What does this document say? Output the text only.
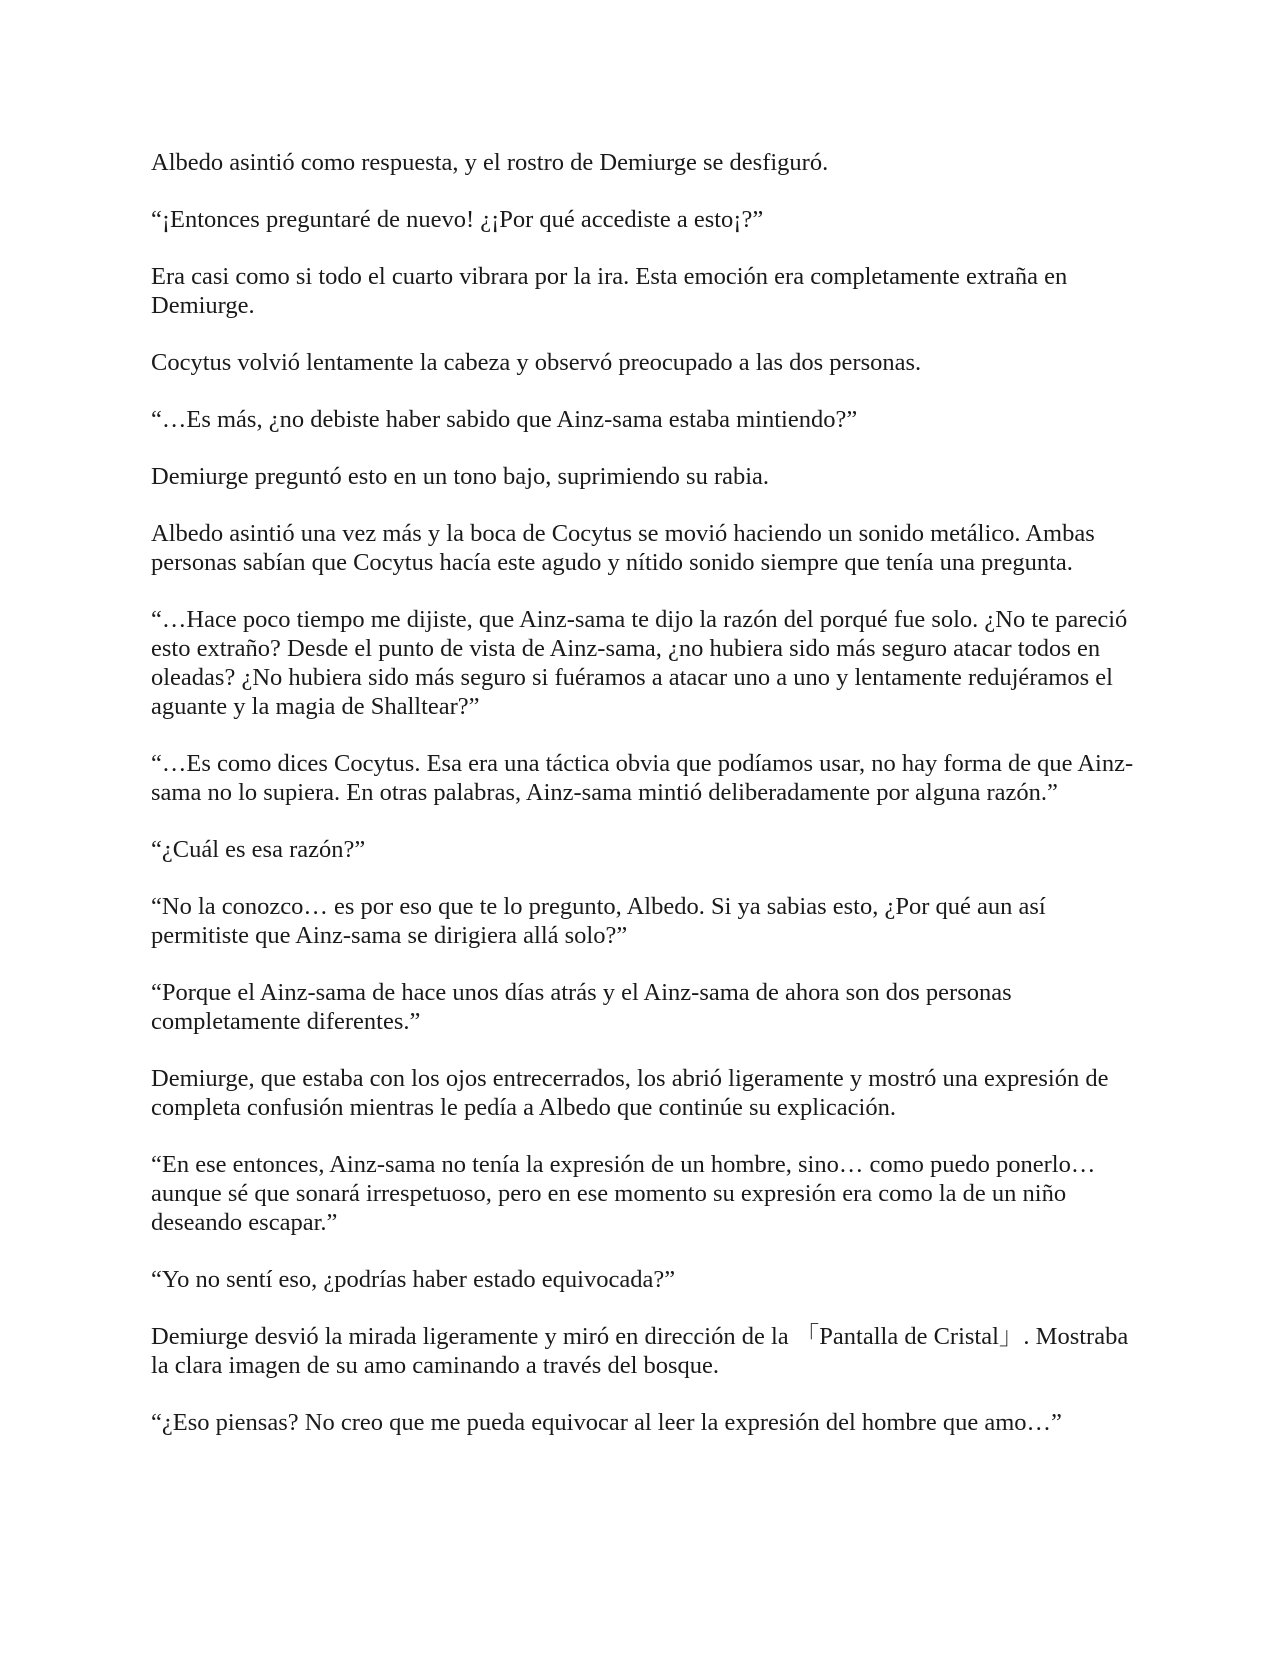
Albedo asintió como respuesta, y el rostro de Demiurge se desfiguró.

“¡Entonces preguntaré de nuevo! ¿¡Por qué accediste a esto¡?”

Era casi como si todo el cuarto vibrara por la ira. Esta emoción era completamente extraña en Demiurge.

Cocytus volvió lentamente la cabeza y observó preocupado a las dos personas.

“…Es más, ¿no debiste haber sabido que Ainz-sama estaba mintiendo?”

Demiurge preguntó esto en un tono bajo, suprimiendo su rabia.

Albedo asintió una vez más y la boca de Cocytus se movió haciendo un sonido metálico. Ambas personas sabían que Cocytus hacía este agudo y nítido sonido siempre que tenía una pregunta.

“…Hace poco tiempo me dijiste, que Ainz-sama te dijo la razón del porqué fue solo. ¿No te pareció esto extraño? Desde el punto de vista de Ainz-sama, ¿no hubiera sido más seguro atacar todos en oleadas? ¿No hubiera sido más seguro si fuéramos a atacar uno a uno y lentamente redujéramos el aguante y la magia de Shalltear?”

“…Es como dices Cocytus. Esa era una táctica obvia que podíamos usar, no hay forma de que Ainz-sama no lo supiera. En otras palabras, Ainz-sama mintió deliberadamente por alguna razón.”

“¿Cuál es esa razón?”

“No la conozco… es por eso que te lo pregunto, Albedo. Si ya sabias esto, ¿Por qué aun así permitiste que Ainz-sama se dirigiera allá solo?”

“Porque el Ainz-sama de hace unos días atrás y el Ainz-sama de ahora son dos personas completamente diferentes.”

Demiurge, que estaba con los ojos entrecerrados, los abrió ligeramente y mostró una expresión de completa confusión mientras le pedía a Albedo que continúe su explicación.

“En ese entonces, Ainz-sama no tenía la expresión de un hombre, sino… como puedo ponerlo… aunque sé que sonará irrespetuoso, pero en ese momento su expresión era como la de un niño deseando escapar.”

“Yo no sentí eso, ¿podrías haber estado equivocada?”

Demiurge desvió la mirada ligeramente y miró en dirección de la 「Pantalla de Cristal」. Mostraba la clara imagen de su amo caminando a través del bosque.

“¿Eso piensas? No creo que me pueda equivocar al leer la expresión del hombre que amo…”
